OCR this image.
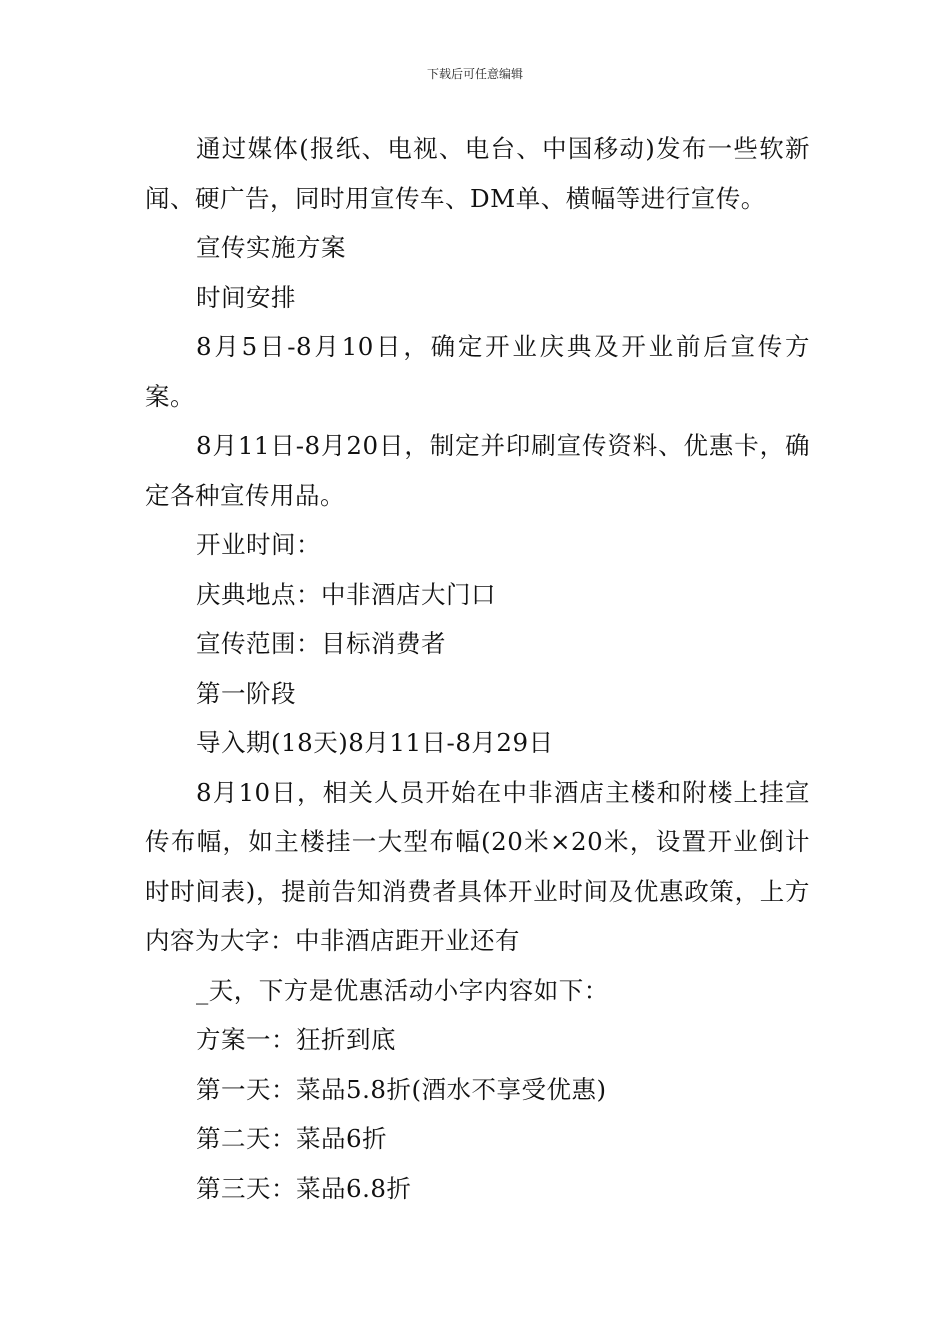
下载后可任意编辑

通过媒体(报纸、电视、电台、中国移动)发布一些软新闻、硬广告，同时用宣传车、DM单、横幅等进行宣传。

宣传实施方案

时间安排

8月5日-8月10日，确定开业庆典及开业前后宣传方案。

8月11日-8月20日，制定并印刷宣传资料、优惠卡，确定各种宣传用品。

开业时间：

庆典地点：中非酒店大门口

宣传范围：目标消费者

第一阶段

导入期(18天)8月11日-8月29日

8月10日，相关人员开始在中非酒店主楼和附楼上挂宣传布幅，如主楼挂一大型布幅(20米×20米，设置开业倒计时时间表)，提前告知消费者具体开业时间及优惠政策，上方内容为大字：中非酒店距开业还有

_天，下方是优惠活动小字内容如下：

方案一：狂折到底

第一天：菜品5.8折(酒水不享受优惠)

第二天：菜品6折

第三天：菜品6.8折
